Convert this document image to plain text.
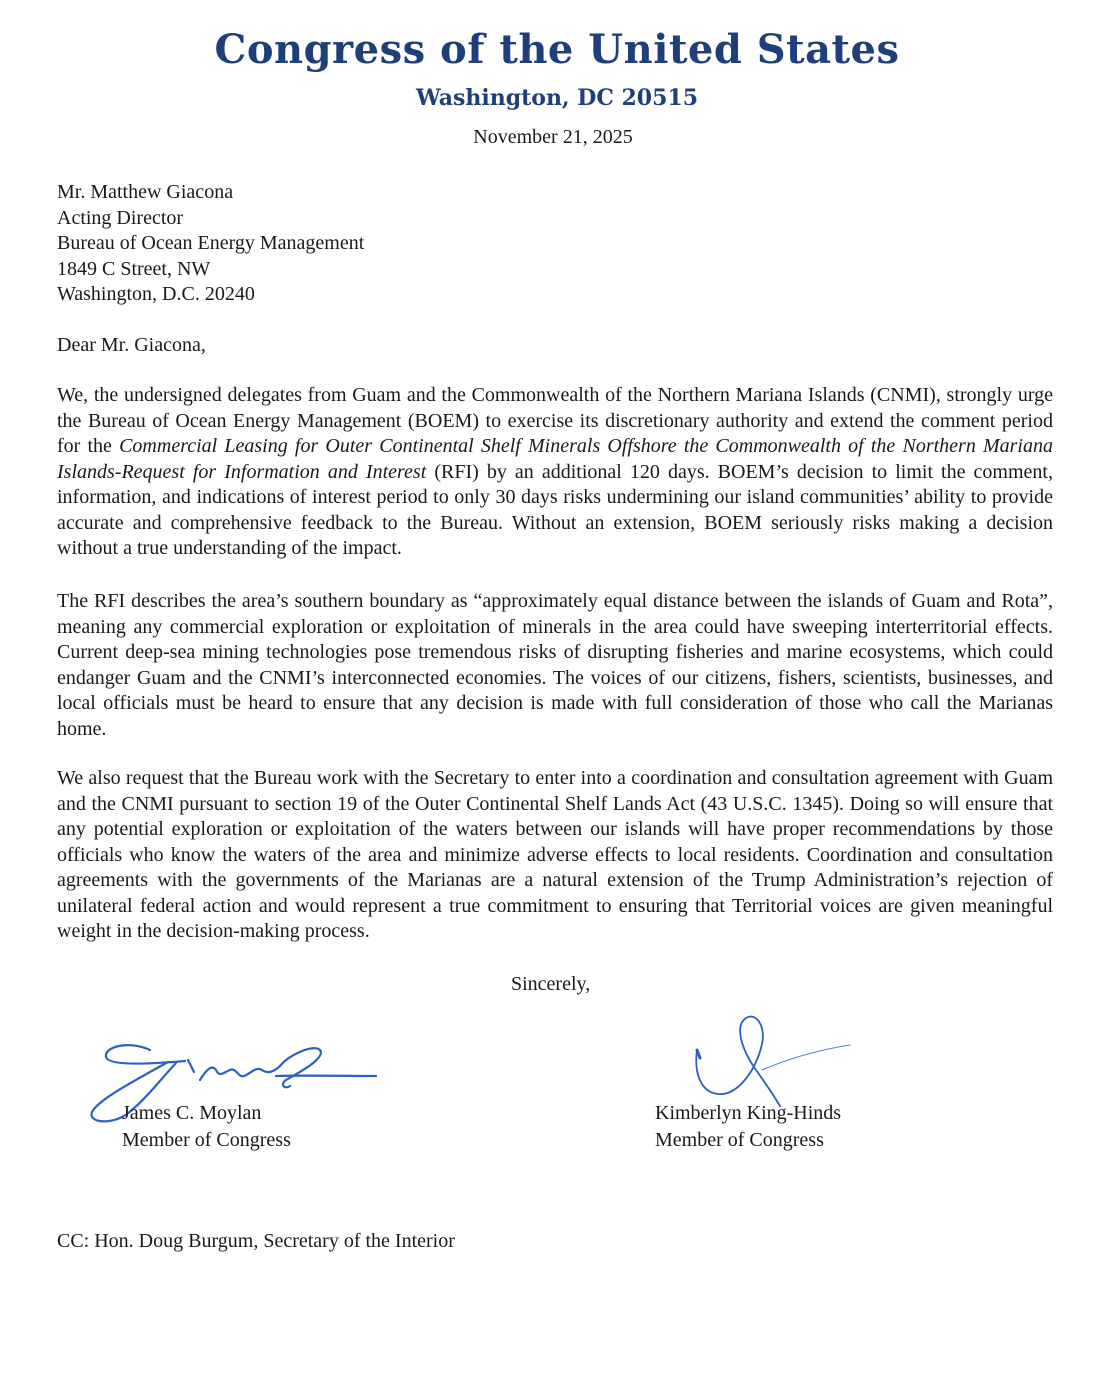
Congress of the United States
Washington, DC 20515
November 21, 2025
Mr. Matthew Giacona
Acting Director
Bureau of Ocean Energy Management
1849 C Street, NW
Washington, D.C. 20240
Dear Mr. Giacona,

We, the undersigned delegates from Guam and the Commonwealth of the Northern Mariana Islands (CNMI), strongly urge the Bureau of Ocean Energy Management (BOEM) to exercise its discretionary authority and extend the comment period for the Commercial Leasing for Outer Continental Shelf Minerals Offshore the Commonwealth of the Northern Mariana Islands-Request for Information and Interest (RFI) by an additional 120 days. BOEM’s decision to limit the comment, information, and indications of interest period to only 30 days risks undermining our island communities’ ability to provide accurate and comprehensive feedback to the Bureau. Without an extension, BOEM seriously risks making a decision without a true understanding of the impact.

The RFI describes the area’s southern boundary as “approximately equal distance between the islands of Guam and Rota”, meaning any commercial exploration or exploitation of minerals in the area could have sweeping interterritorial effects. Current deep-sea mining technologies pose tremendous risks of disrupting fisheries and marine ecosystems, which could endanger Guam and the CNMI’s interconnected economies. The voices of our citizens, fishers, scientists, businesses, and local officials must be heard to ensure that any decision is made with full consideration of those who call the Marianas home.

We also request that the Bureau work with the Secretary to enter into a coordination and consultation agreement with Guam and the CNMI pursuant to section 19 of the Outer Continental Shelf Lands Act (43 U.S.C. 1345). Doing so will ensure that any potential exploration or exploitation of the waters between our islands will have proper recommendations by those officials who know the waters of the area and minimize adverse effects to local residents. Coordination and consultation agreements with the governments of the Marianas are a natural extension of the Trump Administration’s rejection of unilateral federal action and would represent a true commitment to ensuring that Territorial voices are given meaningful weight in the decision-making process.

Sincerely,
James C. Moylan
Member of Congress
Kimberlyn King-Hinds
Member of Congress
CC: Hon. Doug Burgum, Secretary of the Interior
